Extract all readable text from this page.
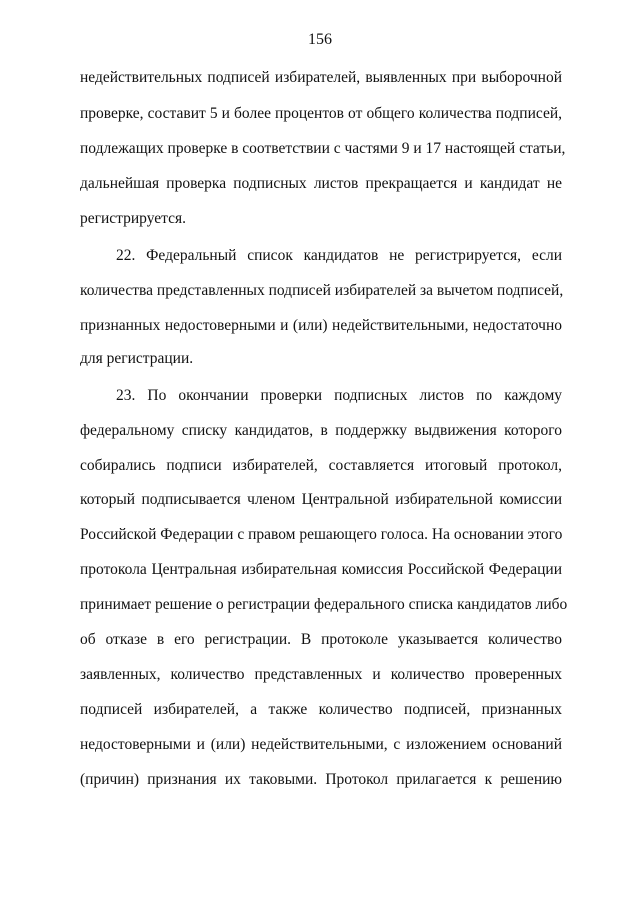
156
недействительных подписей избирателей, выявленных при выборочной
проверке, составит 5 и более процентов от общего количества подписей,
подлежащих проверке в соответствии с частями 9 и 17 настоящей статьи,
дальнейшая проверка подписных листов прекращается и кандидат не
регистрируется.
22. Федеральный список кандидатов не регистрируется, если
количества представленных подписей избирателей за вычетом подписей,
признанных недостоверными и (или) недействительными, недостаточно
для регистрации.
23. По окончании проверки подписных листов по каждому
федеральному списку кандидатов, в поддержку выдвижения которого
собирались подписи избирателей, составляется итоговый протокол,
который подписывается членом Центральной избирательной комиссии
Российской Федерации с правом решающего голоса. На основании этого
протокола Центральная избирательная комиссия Российской Федерации
принимает решение о регистрации федерального списка кандидатов либо
об отказе в его регистрации. В протоколе указывается количество
заявленных, количество представленных и количество проверенных
подписей избирателей, а также количество подписей, признанных
недостоверными и (или) недействительными, с изложением оснований
(причин) признания их таковыми. Протокол прилагается к решению
